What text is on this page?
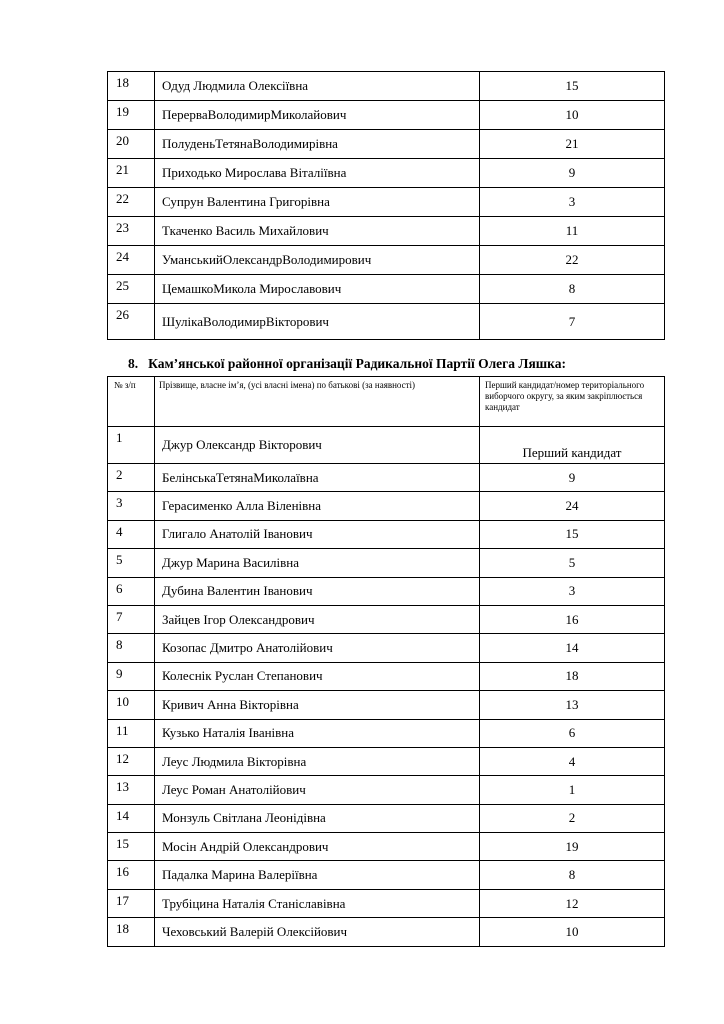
18	Одуд Людмила Олексіївна	15
19	ПерерваВолодимирМиколайович	10
20	ПолуденьТетянаВолодимирівна	21
21	Приходько Мирослава Віталіївна	9
22	Супрун Валентина Григорівна	3
23	Ткаченко Василь Михайлович	11
24	УманськийОлександрВолодимирович	22
25	ЦемашкоМикола Мирославович	8
26	ШулікаВолодимирВікторович	7
8. Кам’янської районної організації Радикальної Партії Олега Ляшка:
№ з/п	Прізвище, власне ім’я, (усі власні імена) по батькові (за наявності)	Перший кандидат/номер територіального виборчого округу, за яким закріплюється кандидат
1	Джур Олександр Вікторович	Перший кандидат
2	БелінськаТетянаМиколаївна	9
3	Герасименко Алла Віленівна	24
4	Глигало Анатолій Іванович	15
5	Джур Марина Василівна	5
6	Дубина Валентин Іванович	3
7	Зайцев Ігор Олександрович	16
8	Козопас Дмитро Анатолійович	14
9	Колеснік Руслан Степанович	18
10	Кривич Анна Вікторівна	13
11	Кузько Наталія Іванівна	6
12	Леус Людмила Вікторівна	4
13	Леус Роман Анатолійович	1
14	Монзуль Світлана Леонідівна	2
15	Мосін Андрій Олександрович	19
16	Падалка Марина Валеріївна	8
17	Трубіцина Наталія Станіславівна	12
18	Чеховський Валерій Олексійович	10
